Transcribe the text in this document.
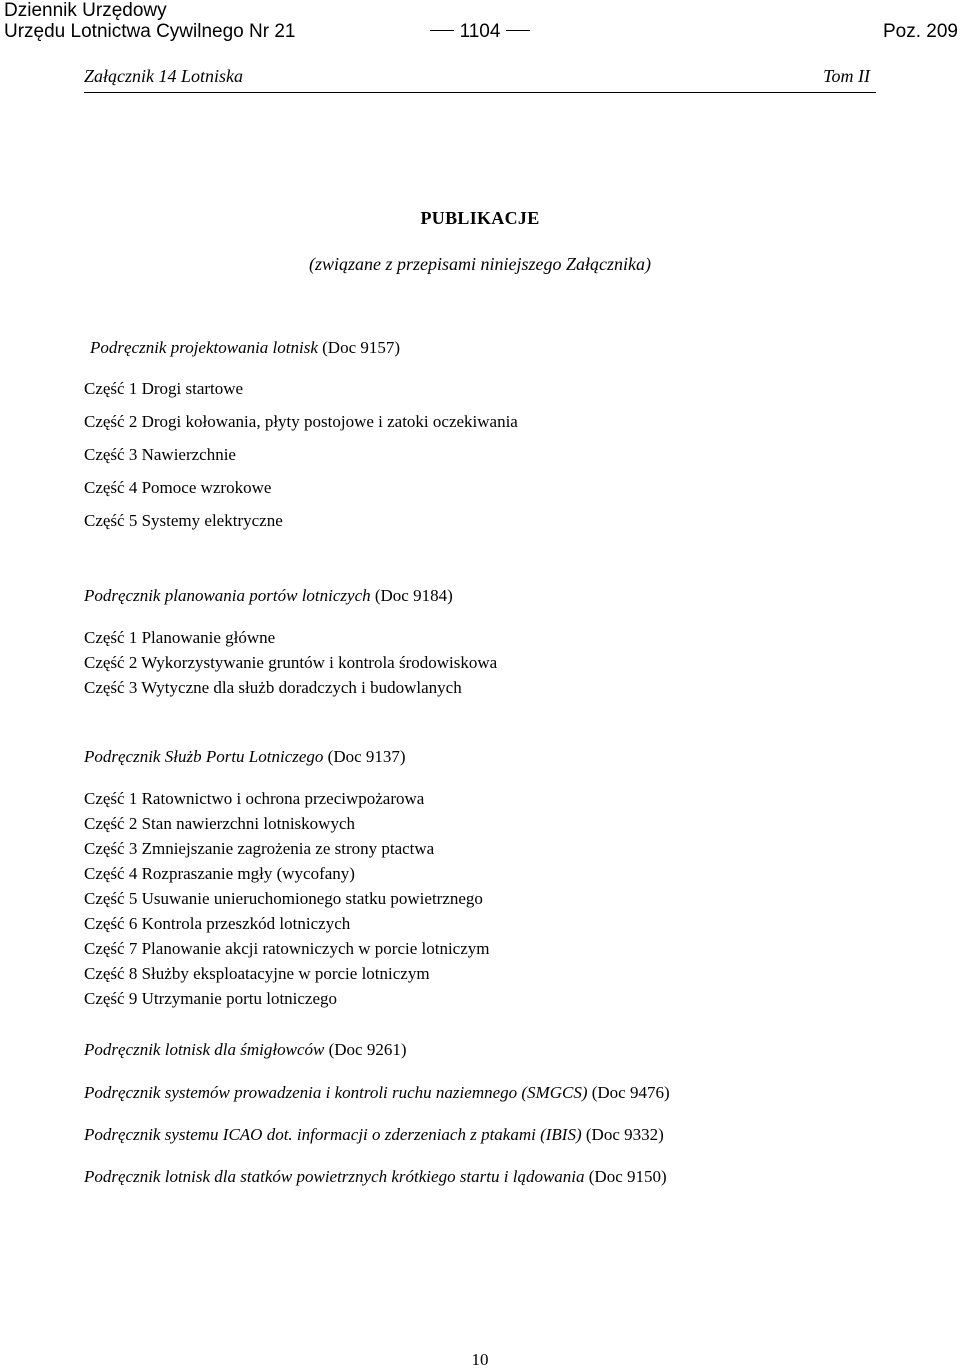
Dziennik Urzędowy
Urzędu Lotnictwa Cywilnego Nr 21	1104	Poz. 209
Załącznik 14 Lotniska	Tom II
PUBLIKACJE
(związane z przepisami niniejszego Załącznika)
Podręcznik projektowania lotnisk (Doc 9157)
Część 1 Drogi startowe
Część 2 Drogi kołowania, płyty postojowe i zatoki oczekiwania
Część 3 Nawierzchnie
Część 4 Pomoce wzrokowe
Część 5 Systemy elektryczne
Podręcznik planowania portów lotniczych (Doc 9184)
Część 1 Planowanie główne
Część 2 Wykorzystywanie gruntów i kontrola środowiskowa
Część 3 Wytyczne dla służb doradczych i budowlanych
Podręcznik Służb Portu Lotniczego (Doc 9137)
Część 1 Ratownictwo i ochrona przeciwpożarowa
Część 2 Stan nawierzchni lotniskowych
Część 3 Zmniejszanie zagrożenia ze strony ptactwa
Część 4 Rozpraszanie mgły (wycofany)
Część 5 Usuwanie unieruchomionego statku powietrznego
Część 6 Kontrola przeszkód lotniczych
Część 7 Planowanie akcji ratowniczych w porcie lotniczym
Część 8 Służby eksploatacyjne w porcie lotniczym
Część 9 Utrzymanie portu lotniczego
Podręcznik lotnisk dla śmigłowców (Doc 9261)
Podręcznik systemów prowadzenia i kontroli ruchu naziemnego (SMGCS) (Doc 9476)
Podręcznik systemu ICAO dot. informacji o zderzeniach z ptakami (IBIS) (Doc 9332)
Podręcznik lotnisk dla statków powietrznych krótkiego startu i lądowania (Doc 9150)
10
